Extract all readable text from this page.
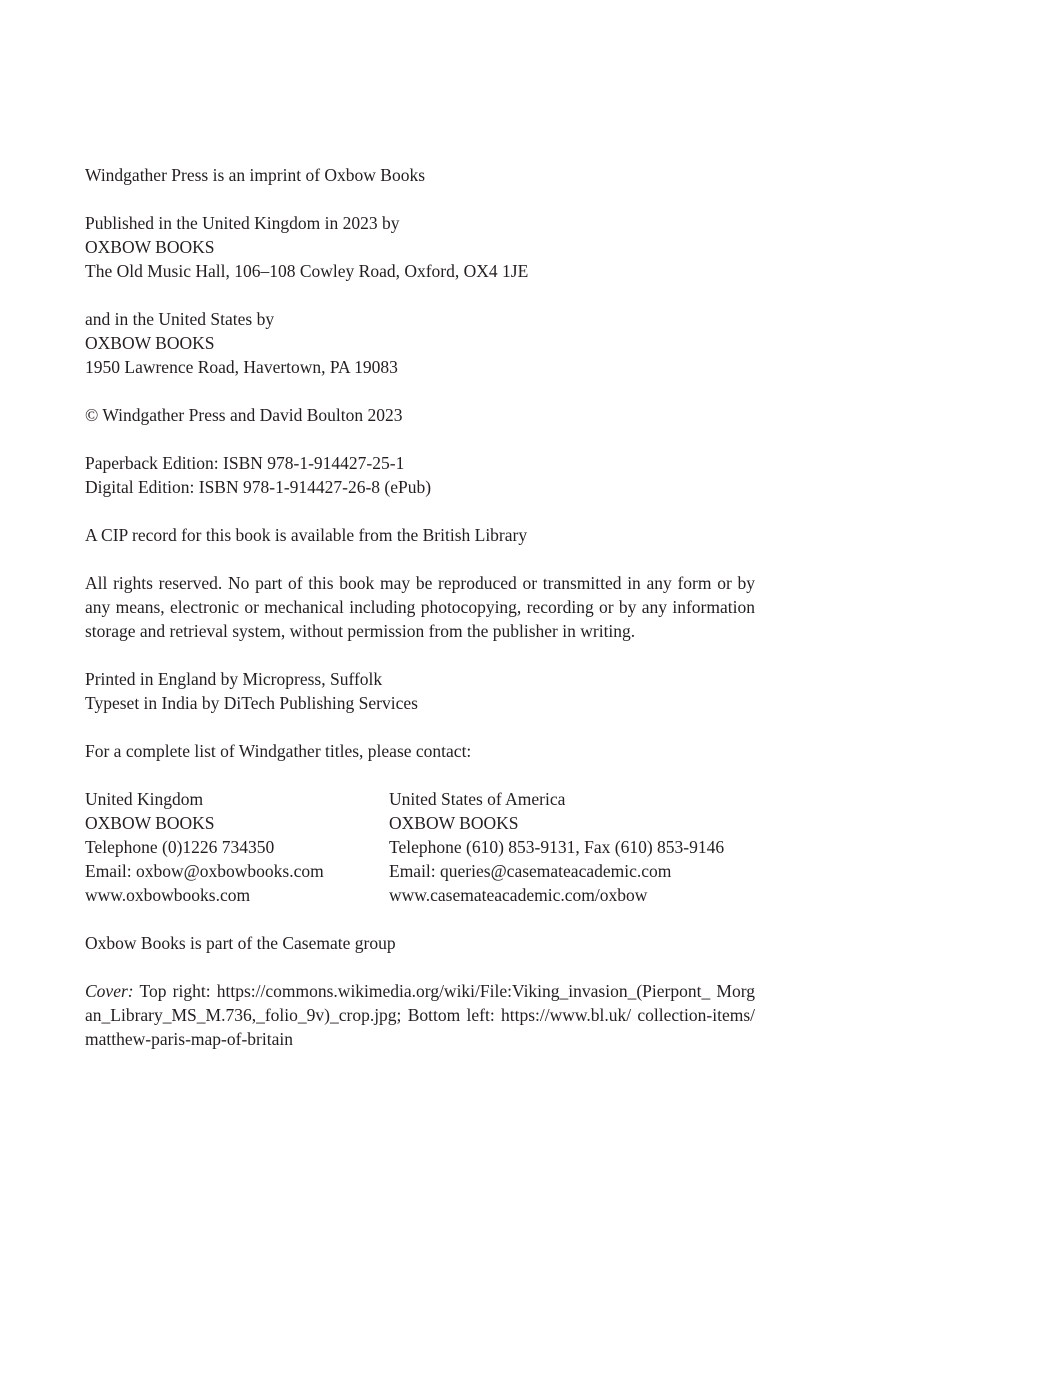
Windgather Press is an imprint of Oxbow Books

Published in the United Kingdom in 2023 by

OXBOW BOOKS

The Old Music Hall, 106–108 Cowley Road, Oxford, OX4 1JE

and in the United States by

OXBOW BOOKS

1950 Lawrence Road, Havertown, PA 19083

© Windgather Press and David Boulton 2023

Paperback Edition: ISBN 978-1-914427-25-1

Digital Edition: ISBN 978-1-914427-26-8 (ePub)

A CIP record for this book is available from the British Library

All rights reserved. No part of this book may be reproduced or transmitted in any form or by any means, electronic or mechanical including photocopying, recording or by any information storage and retrieval system, without permission from the publisher in writing.

Printed in England by Micropress, Suffolk

Typeset in India by DiTech Publishing Services

For a complete list of Windgather titles, please contact:

United Kingdom

OXBOW BOOKS

Telephone (0)1226 734350

Email: oxbow@oxbowbooks.com

www.oxbowbooks.com

United States of America

OXBOW BOOKS

Telephone (610) 853-9131, Fax (610) 853-9146

Email: queries@casemateacademic.com

www.casemateacademic.com/oxbow

Oxbow Books is part of the Casemate group

Cover: Top right: https://commons.wikimedia.org/wiki/File:Viking_invasion_(Pierpont_ Morgan_Library_MS_M.736,_folio_9v)_crop.jpg; Bottom left: https://www.bl.uk/ collection-items/matthew-paris-map-of-britain
